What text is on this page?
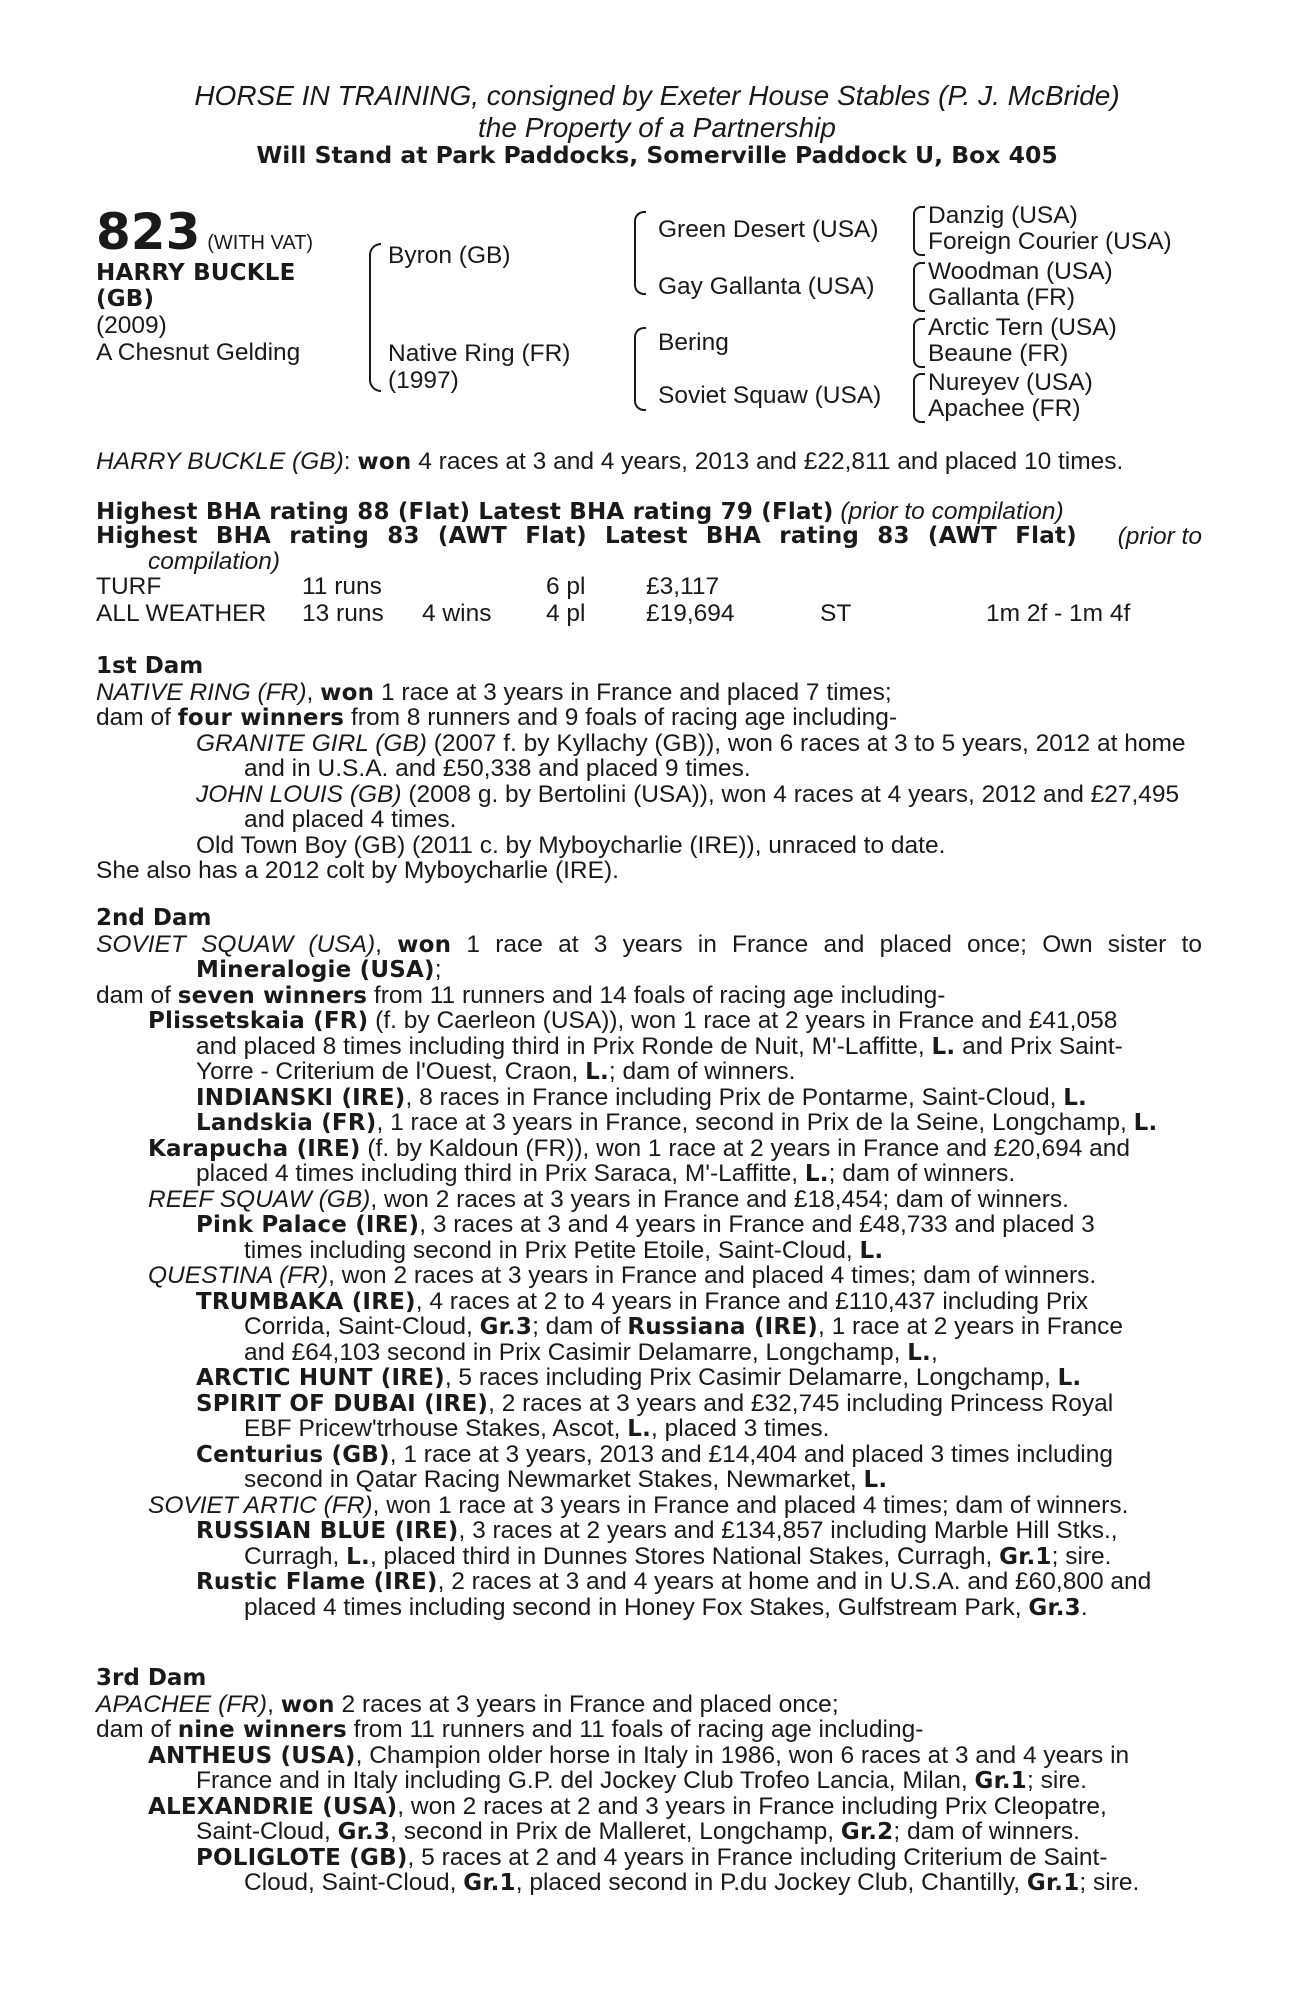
HORSE IN TRAINING, consigned by Exeter House Stables (P. J. McBride)
the Property of a Partnership
Will Stand at Park Paddocks, Somerville Paddock U, Box 405
823 (WITH VAT)
HARRY BUCKLE
(GB)
(2009)
A Chesnut Gelding
Byron (GB)
Native Ring (FR)
(1997)
Green Desert (USA)
Gay Gallanta (USA)
Bering
Soviet Squaw (USA)
Danzig (USA)
Foreign Courier (USA)
Woodman (USA)
Gallanta (FR)
Arctic Tern (USA)
Beaune (FR)
Nureyev (USA)
Apachee (FR)
HARRY BUCKLE (GB): won 4 races at 3 and 4 years, 2013 and £22,811 and placed 10 times.
Highest BHA rating 88 (Flat) Latest BHA rating 79 (Flat) (prior to compilation)
Highest BHA rating 83 (AWT Flat) Latest BHA rating 83 (AWT Flat) (prior to
compilation)
TURF	11 runs		6 pl	£3,117		
ALL WEATHER	13 runs	4 wins	4 pl	£19,694	ST	1m 2f - 1m 4f
1st Dam
NATIVE RING (FR), won 1 race at 3 years in France and placed 7 times;
dam of four winners from 8 runners and 9 foals of racing age including-
GRANITE GIRL (GB) (2007 f. by Kyllachy (GB)), won 6 races at 3 to 5 years, 2012 at home
and in U.S.A. and £50,338 and placed 9 times.
JOHN LOUIS (GB) (2008 g. by Bertolini (USA)), won 4 races at 4 years, 2012 and £27,495
and placed 4 times.
Old Town Boy (GB) (2011 c. by Myboycharlie (IRE)), unraced to date.
She also has a 2012 colt by Myboycharlie (IRE).
2nd Dam
SOVIET SQUAW (USA), won 1 race at 3 years in France and placed once; Own sister to
Mineralogie (USA);
dam of seven winners from 11 runners and 14 foals of racing age including-
Plissetskaia (FR) (f. by Caerleon (USA)), won 1 race at 2 years in France and £41,058
and placed 8 times including third in Prix Ronde de Nuit, M'-Laffitte, L. and Prix Saint-
Yorre - Criterium de l'Ouest, Craon, L.; dam of winners.
INDIANSKI (IRE), 8 races in France including Prix de Pontarme, Saint-Cloud, L.
Landskia (FR), 1 race at 3 years in France, second in Prix de la Seine, Longchamp, L.
Karapucha (IRE) (f. by Kaldoun (FR)), won 1 race at 2 years in France and £20,694 and
placed 4 times including third in Prix Saraca, M'-Laffitte, L.; dam of winners.
REEF SQUAW (GB), won 2 races at 3 years in France and £18,454; dam of winners.
Pink Palace (IRE), 3 races at 3 and 4 years in France and £48,733 and placed 3
times including second in Prix Petite Etoile, Saint-Cloud, L.
QUESTINA (FR), won 2 races at 3 years in France and placed 4 times; dam of winners.
TRUMBAKA (IRE), 4 races at 2 to 4 years in France and £110,437 including Prix
Corrida, Saint-Cloud, Gr.3; dam of Russiana (IRE), 1 race at 2 years in France
and £64,103 second in Prix Casimir Delamarre, Longchamp, L.,
ARCTIC HUNT (IRE), 5 races including Prix Casimir Delamarre, Longchamp, L.
SPIRIT OF DUBAI (IRE), 2 races at 3 years and £32,745 including Princess Royal
EBF Pricew'trhouse Stakes, Ascot, L., placed 3 times.
Centurius (GB), 1 race at 3 years, 2013 and £14,404 and placed 3 times including
second in Qatar Racing Newmarket Stakes, Newmarket, L.
SOVIET ARTIC (FR), won 1 race at 3 years in France and placed 4 times; dam of winners.
RUSSIAN BLUE (IRE), 3 races at 2 years and £134,857 including Marble Hill Stks.,
Curragh, L., placed third in Dunnes Stores National Stakes, Curragh, Gr.1; sire.
Rustic Flame (IRE), 2 races at 3 and 4 years at home and in U.S.A. and £60,800 and
placed 4 times including second in Honey Fox Stakes, Gulfstream Park, Gr.3.
3rd Dam
APACHEE (FR), won 2 races at 3 years in France and placed once;
dam of nine winners from 11 runners and 11 foals of racing age including-
ANTHEUS (USA), Champion older horse in Italy in 1986, won 6 races at 3 and 4 years in
France and in Italy including G.P. del Jockey Club Trofeo Lancia, Milan, Gr.1; sire.
ALEXANDRIE (USA), won 2 races at 2 and 3 years in France including Prix Cleopatre,
Saint-Cloud, Gr.3, second in Prix de Malleret, Longchamp, Gr.2; dam of winners.
POLIGLOTE (GB), 5 races at 2 and 4 years in France including Criterium de Saint-
Cloud, Saint-Cloud, Gr.1, placed second in P.du Jockey Club, Chantilly, Gr.1; sire.
